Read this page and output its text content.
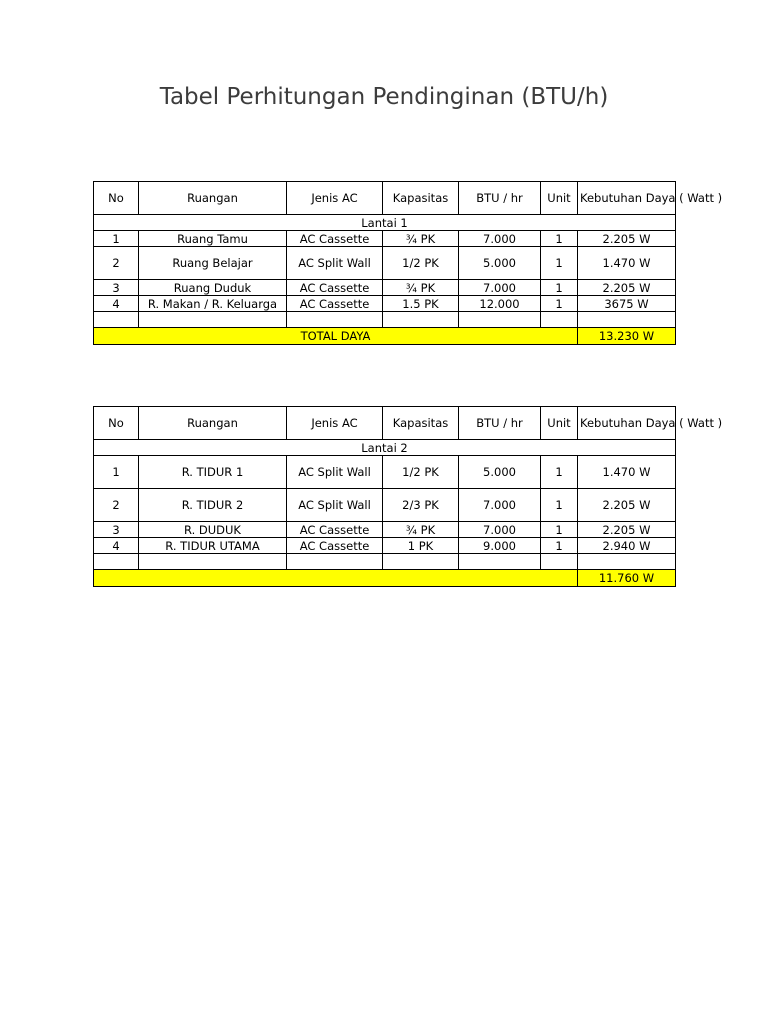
Tabel Perhitungan Pendinginan (BTU/h)
No	Ruangan	Jenis AC	Kapasitas	BTU / hr	Unit	Kebutuhan Daya ( Watt )
Lantai 1						
1	Ruang Tamu	AC Cassette	¾ PK	7.000	1	2.205 W
2	Ruang Belajar	AC Split Wall	1/2 PK	5.000	1	1.470 W
3	Ruang Duduk	AC Cassette	¾ PK	7.000	1	2.205 W
4	R. Makan / R. Keluarga	AC Cassette	1.5 PK	12.000	1	3675 W

TOTAL DAYA						13.230 W
No	Ruangan	Jenis AC	Kapasitas	BTU / hr	Unit	Kebutuhan Daya ( Watt )
Lantai 2						
1	R. TIDUR 1	AC Split Wall	1/2 PK	5.000	1	1.470 W
2	R. TIDUR 2	AC Split Wall	2/3 PK	7.000	1	2.205 W
3	R. DUDUK	AC Cassette	¾ PK	7.000	1	2.205 W
4	R. TIDUR UTAMA	AC Cassette	1 PK	9.000	1	2.940 W

						11.760 W
